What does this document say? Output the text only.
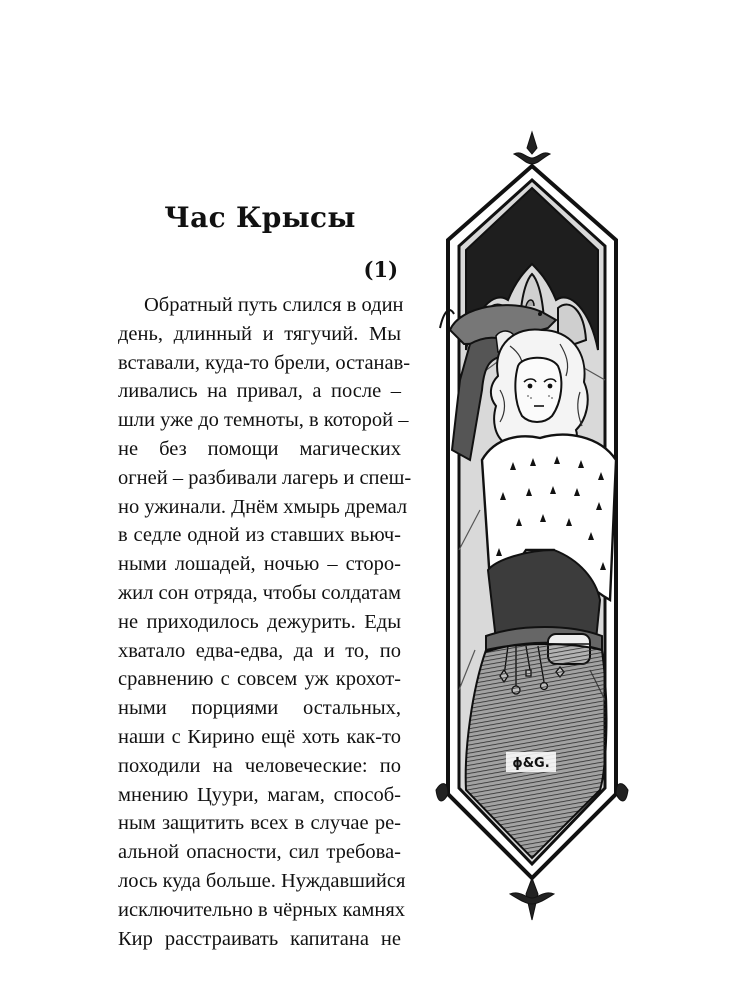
Час Крысы
(1)
Обратный путь слился в один
день, длинный и тягучий. Мы
вставали, куда-то брели, останав-
ливались на привал, а после –
шли уже до темноты, в которой –
не без помощи магических
огней – разбивали лагерь и спеш-
но ужинали. Днём хмырь дремал
в седле одной из ставших вьюч-
ными лошадей, ночью – сторо-
жил сон отряда, чтобы солдатам
не приходилось дежурить. Еды
хватало едва-едва, да и то, по
сравнению с совсем уж крохот-
ными порциями остальных,
наши с Кирино ещё хоть как-то
походили на человеческие: по
мнению Цуури, магам, способ-
ным защитить всех в случае ре-
альной опасности, сил требова-
лось куда больше. Нуждавшийся
исключительно в чёрных камнях
Кир расстраивать капитана не
ɸ&G.
